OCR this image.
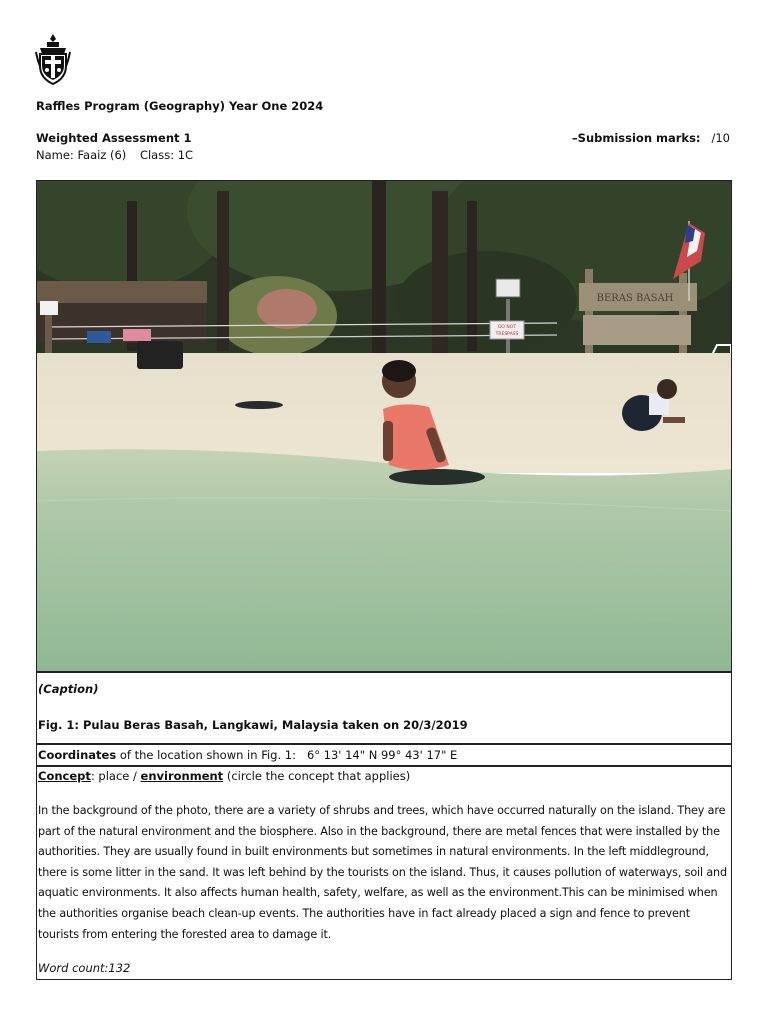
Raffles Program (Geography) Year One 2024
Weighted Assessment 1	–Submission marks: /10
Name: Faaiz (6) Class: 1C
DO NOT
TRESPASS
BERAS BASAH
(Caption)
Fig. 1: Pulau Beras Basah, Langkawi, Malaysia taken on 20/3/2019
Coordinates of the location shown in Fig. 1:   6° 13' 14" N 99° 43' 17" E
Concept: place / environment (circle the concept that applies)
In the background of the photo, there are a variety of shrubs and trees, which have occurred naturally on the island. They are part of the natural environment and the biosphere. Also in the background, there are metal fences that were installed by the authorities. They are usually found in built environments but sometimes in natural environments. In the left middleground, there is some litter in the sand. It was left behind by the tourists on the island. Thus, it causes pollution of waterways, soil and aquatic environments. It also affects human health, safety, welfare, as well as the environment.This can be minimised when the authorities organise beach clean-up events. The authorities have in fact already placed a sign and fence to prevent tourists from entering the forested area to damage it.
Word count:132
